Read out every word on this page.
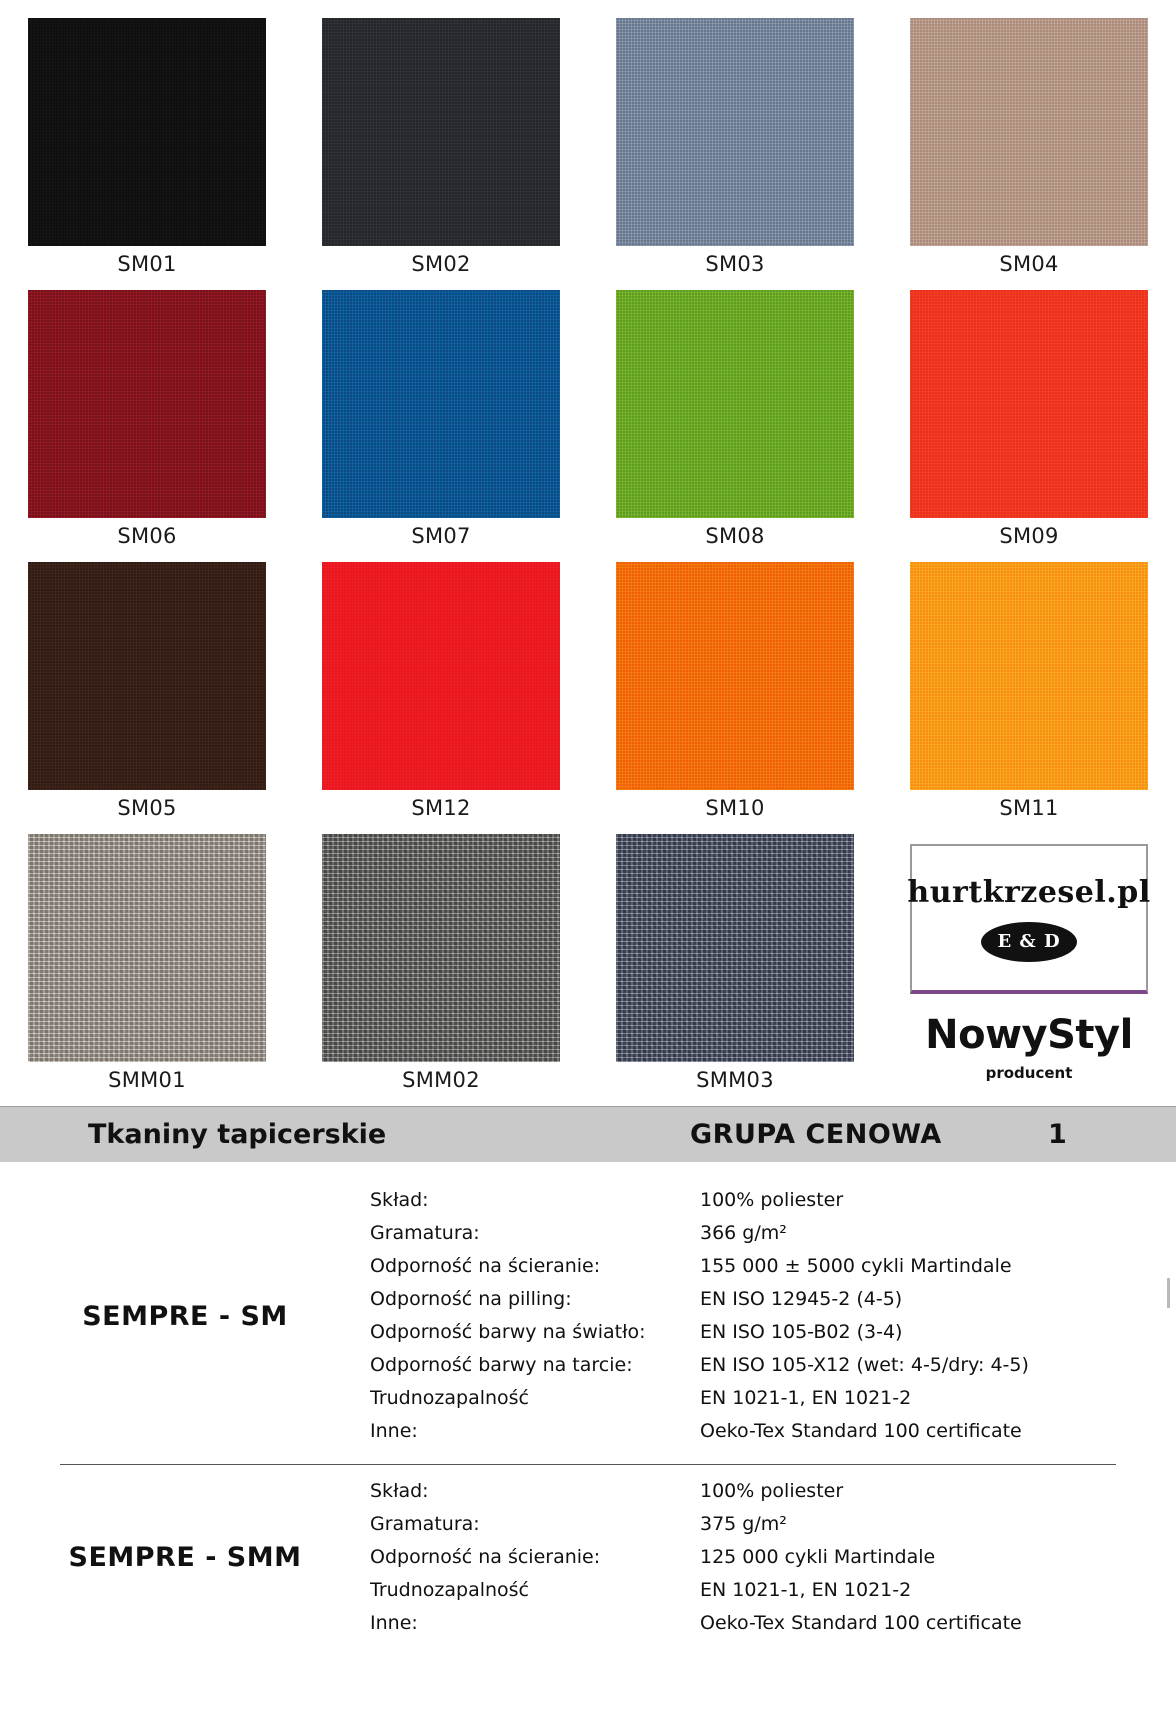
SM01	SM02	SM03	SM04
SM06	SM07	SM08	SM09
SM05	SM12	SM10	SM11
SMM01	SMM02	SMM03
hurtkrzesel.pl
E & D
NowyStyl
producent
Tkaniny tapicerskie	GRUPA CENOWA	1
SEMPRE - SM
Skład:	100% poliester
Gramatura:	366 g/m²
Odporność na ścieranie:	155 000 ± 5000 cykli Martindale
Odporność na pilling:	EN ISO 12945-2 (4-5)
Odporność barwy na światło:	EN ISO 105-B02 (3-4)
Odporność barwy na tarcie:	EN ISO 105-X12 (wet: 4-5/dry: 4-5)
Trudnozapalność	EN 1021-1, EN 1021-2
Inne:	Oeko-Tex Standard 100 certificate
SEMPRE - SMM
Skład:	100% poliester
Gramatura:	375 g/m²
Odporność na ścieranie:	125 000 cykli Martindale
Trudnozapalność	EN 1021-1, EN 1021-2
Inne:	Oeko-Tex Standard 100 certificate
